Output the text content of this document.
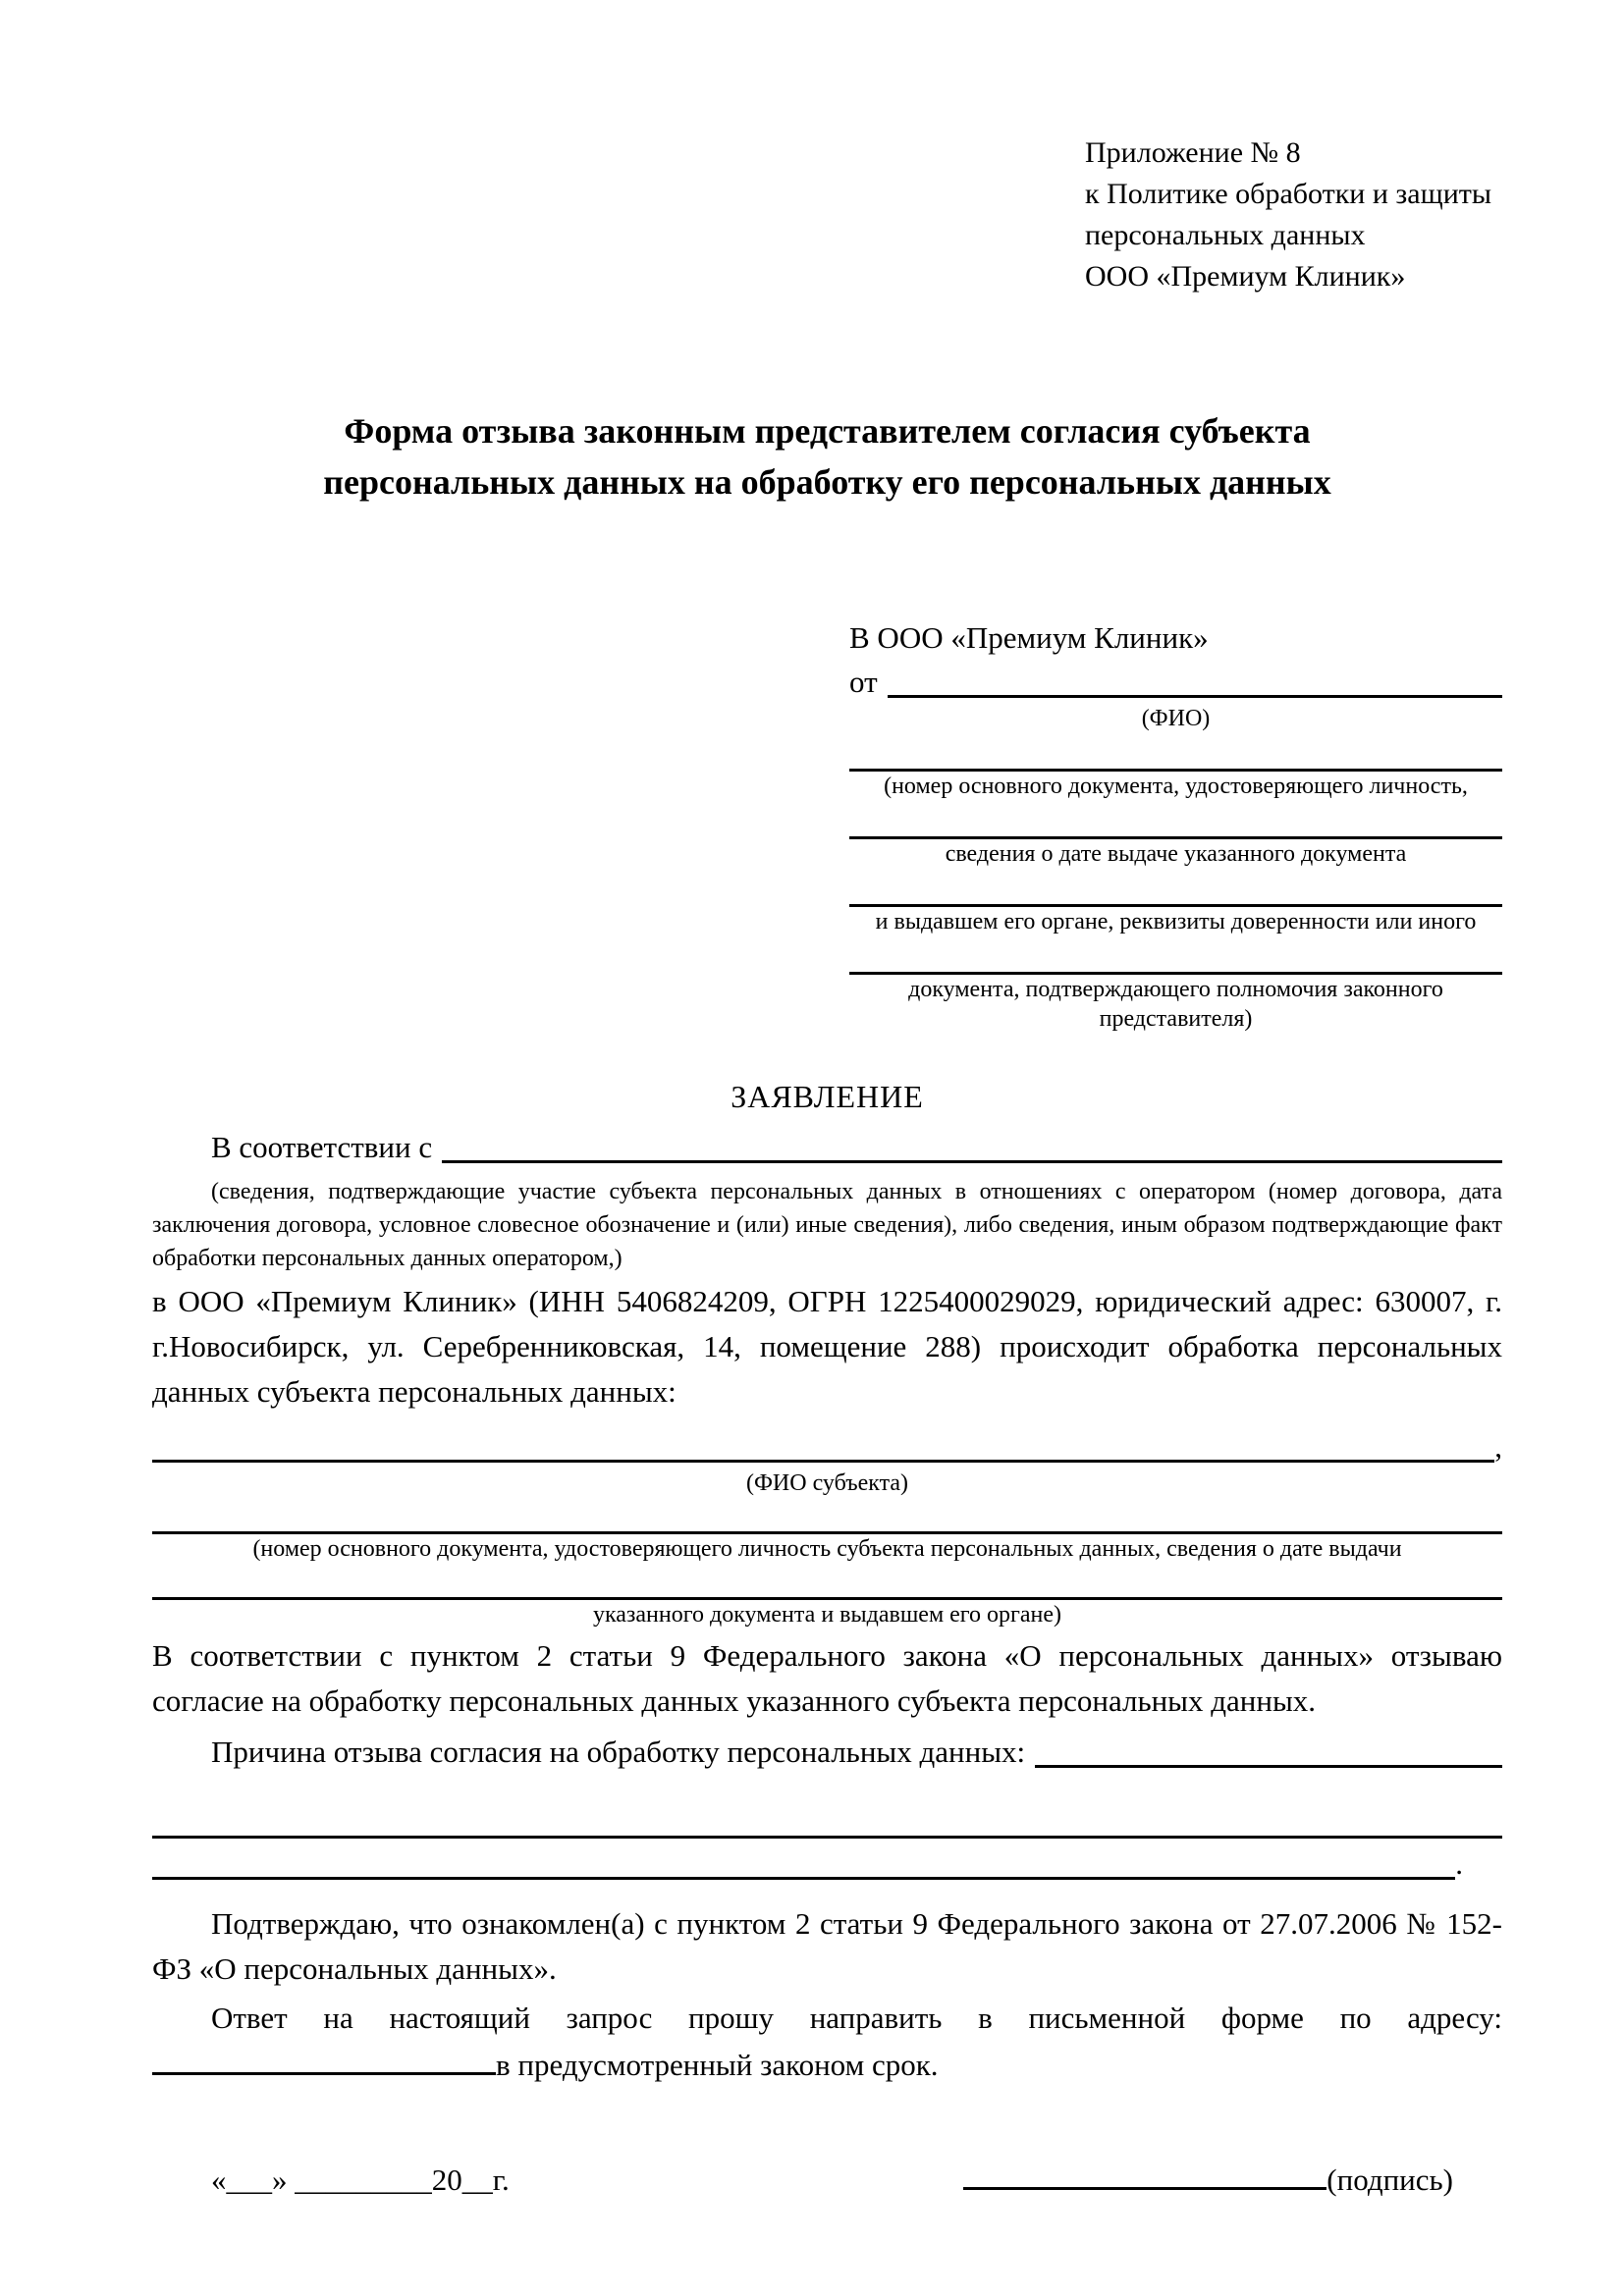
Приложение № 8
к Политике обработки и защиты
персональных данных
ООО «Премиум Клиник»
Форма отзыва законным представителем согласия субъекта
персональных данных на обработку его персональных данных
В ООО «Премиум Клиник»
от
(ФИО)
(номер основного документа, удостоверяющего личность,
сведения о дате выдаче указанного документа
и выдавшем его органе, реквизиты доверенности или иного
документа, подтверждающего полномочия законного представителя)
ЗАЯВЛЕНИЕ
В соответствии с
(сведения, подтверждающие участие субъекта персональных данных в отношениях с оператором (номер договора, дата заключения договора, условное словесное обозначение и (или) иные сведения), либо сведения, иным образом подтверждающие факт обработки персональных данных оператором,)

в ООО «Премиум Клиник» (ИНН 5406824209, ОГРН 1225400029029, юридический адрес: 630007, г. г.Новосибирск, ул. Серебренниковская, 14, помещение 288) происходит обработка персональных данных субъекта персональных данных:

,
(ФИО субъекта)
(номер основного документа, удостоверяющего личность субъекта персональных данных, сведения о дате выдачи
указанного документа и выдавшем его органе)

В соответствии с пунктом 2 статьи 9 Федерального закона «О персональных данных» отзываю согласие на обработку персональных данных указанного субъекта персональных данных.

Причина отзыва согласия на обработку персональных данных:
.

Подтверждаю, что ознакомлен(а) с пунктом 2 статьи 9 Федерального закона от 27.07.2006 № 152-ФЗ «О персональных данных».

Ответ на настоящий запрос прошу направить в письменной форме по адресу:

в предусмотренный законом срок.
«___» _________20__г.	(подпись)
